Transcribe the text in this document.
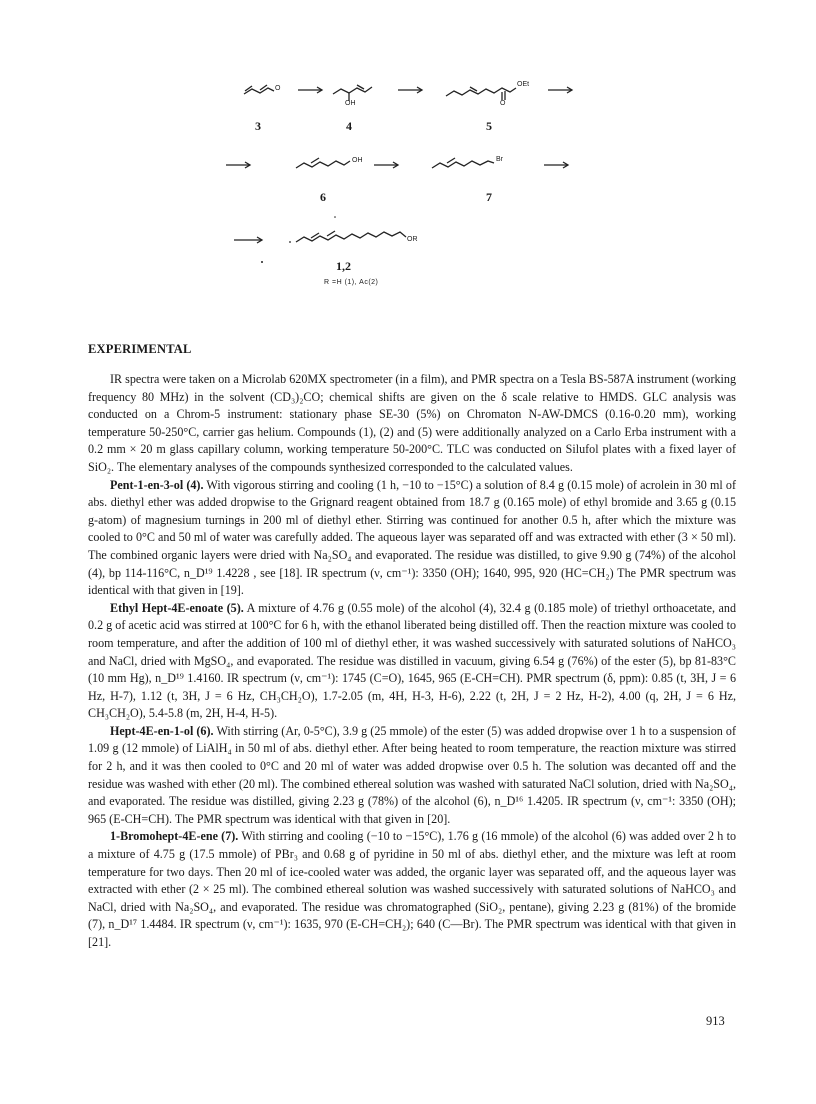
O
OH
OEt
O
OH	Br
OR
3	4	5
6	7
1,2
R =H (1), Ac(2)
EXPERIMENTAL

IR spectra were taken on a Microlab 620MX spectrometer (in a film), and PMR spectra on a Tesla BS-587A instrument (working frequency 80 MHz) in the solvent (CD₃)₂CO; chemical shifts are given on the δ scale relative to HMDS. GLC analysis was conducted on a Chrom-5 instrument: stationary phase SE-30 (5%) on Chromaton N-AW-DMCS (0.16-0.20 mm), working temperature 50-250°C, carrier gas helium. Compounds (1), (2) and (5) were additionally analyzed on a Carlo Erba instrument with a 0.2 mm × 20 m glass capillary column, working temperature 50-200°C. TLC was conducted on Silufol plates with a fixed layer of SiO₂. The elementary analyses of the compounds synthesized corresponded to the calculated values.

Pent-1-en-3-ol (4). With vigorous stirring and cooling (1 h, −10 to −15°C) a solution of 8.4 g (0.15 mole) of acrolein in 30 ml of abs. diethyl ether was added dropwise to the Grignard reagent obtained from 18.7 g (0.165 mole) of ethyl bromide and 3.65 g (0.15 g-atom) of magnesium turnings in 200 ml of diethyl ether. Stirring was continued for another 0.5 h, after which the mixture was cooled to 0°C and 50 ml of water was carefully added. The aqueous layer was separated off and was extracted with ether (3 × 50 ml). The combined organic layers were dried with Na₂SO₄ and evaporated. The residue was distilled, to give 9.90 g (74%) of the alcohol (4), bp 114-116°C, n_D¹⁹ 1.4228 , see [18]. IR spectrum (ν, cm⁻¹): 3350 (OH); 1640, 995, 920 (HC=CH₂) The PMR spectrum was identical with that given in [19].

Ethyl Hept-4E-enoate (5). A mixture of 4.76 g (0.55 mole) of the alcohol (4), 32.4 g (0.185 mole) of triethyl orthoacetate, and 0.2 g of acetic acid was stirred at 100°C for 6 h, with the ethanol liberated being distilled off. Then the reaction mixture was cooled to room temperature, and after the addition of 100 ml of diethyl ether, it was washed successively with saturated solutions of NaHCO₃ and NaCl, dried with MgSO₄, and evaporated. The residue was distilled in vacuum, giving 6.54 g (76%) of the ester (5), bp 81-83°C (10 mm Hg), n_D¹⁹ 1.4160. IR spectrum (ν, cm⁻¹): 1745 (C=O), 1645, 965 (E-CH=CH). PMR spectrum (δ, ppm): 0.85 (t, 3H, J = 6 Hz, H-7), 1.12 (t, 3H, J = 6 Hz, CH₃CH₂O), 1.7-2.05 (m, 4H, H-3, H-6), 2.22 (t, 2H, J = 2 Hz, H-2), 4.00 (q, 2H, J = 6 Hz, CH₃CH₂O), 5.4-5.8 (m, 2H, H-4, H-5).

Hept-4E-en-1-ol (6). With stirring (Ar, 0-5°C), 3.9 g (25 mmole) of the ester (5) was added dropwise over 1 h to a suspension of 1.09 g (12 mmole) of LiAlH₄ in 50 ml of abs. diethyl ether. After being heated to room temperature, the reaction mixture was stirred for 2 h, and it was then cooled to 0°C and 20 ml of water was added dropwise over 0.5 h. The solution was decanted off and the residue was washed with ether (20 ml). The combined ethereal solution was washed with saturated NaCl solution, dried with Na₂SO₄, and evaporated. The residue was distilled, giving 2.23 g (78%) of the alcohol (6), n_D¹⁶ 1.4205. IR spectrum (ν, cm⁻¹: 3350 (OH); 965 (E-CH=CH). The PMR spectrum was identical with that given in [20].

1-Bromohept-4E-ene (7). With stirring and cooling (−10 to −15°C), 1.76 g (16 mmole) of the alcohol (6) was added over 2 h to a mixture of 4.75 g (17.5 mmole) of PBr₃ and 0.68 g of pyridine in 50 ml of abs. diethyl ether, and the mixture was left at room temperature for two days. Then 20 ml of ice-cooled water was added, the organic layer was separated off, and the aqueous layer was extracted with ether (2 × 25 ml). The combined ethereal solution was washed successively with saturated solutions of NaHCO₃ and NaCl, dried with Na₂SO₄, and evaporated. The residue was chromatographed (SiO₂, pentane), giving 2.23 g (81%) of the bromide (7), n_D¹⁷ 1.4484. IR spectrum (ν, cm⁻¹): 1635, 970 (E-CH=CH₂); 640 (C—Br). The PMR spectrum was identical with that given in [21].

913
